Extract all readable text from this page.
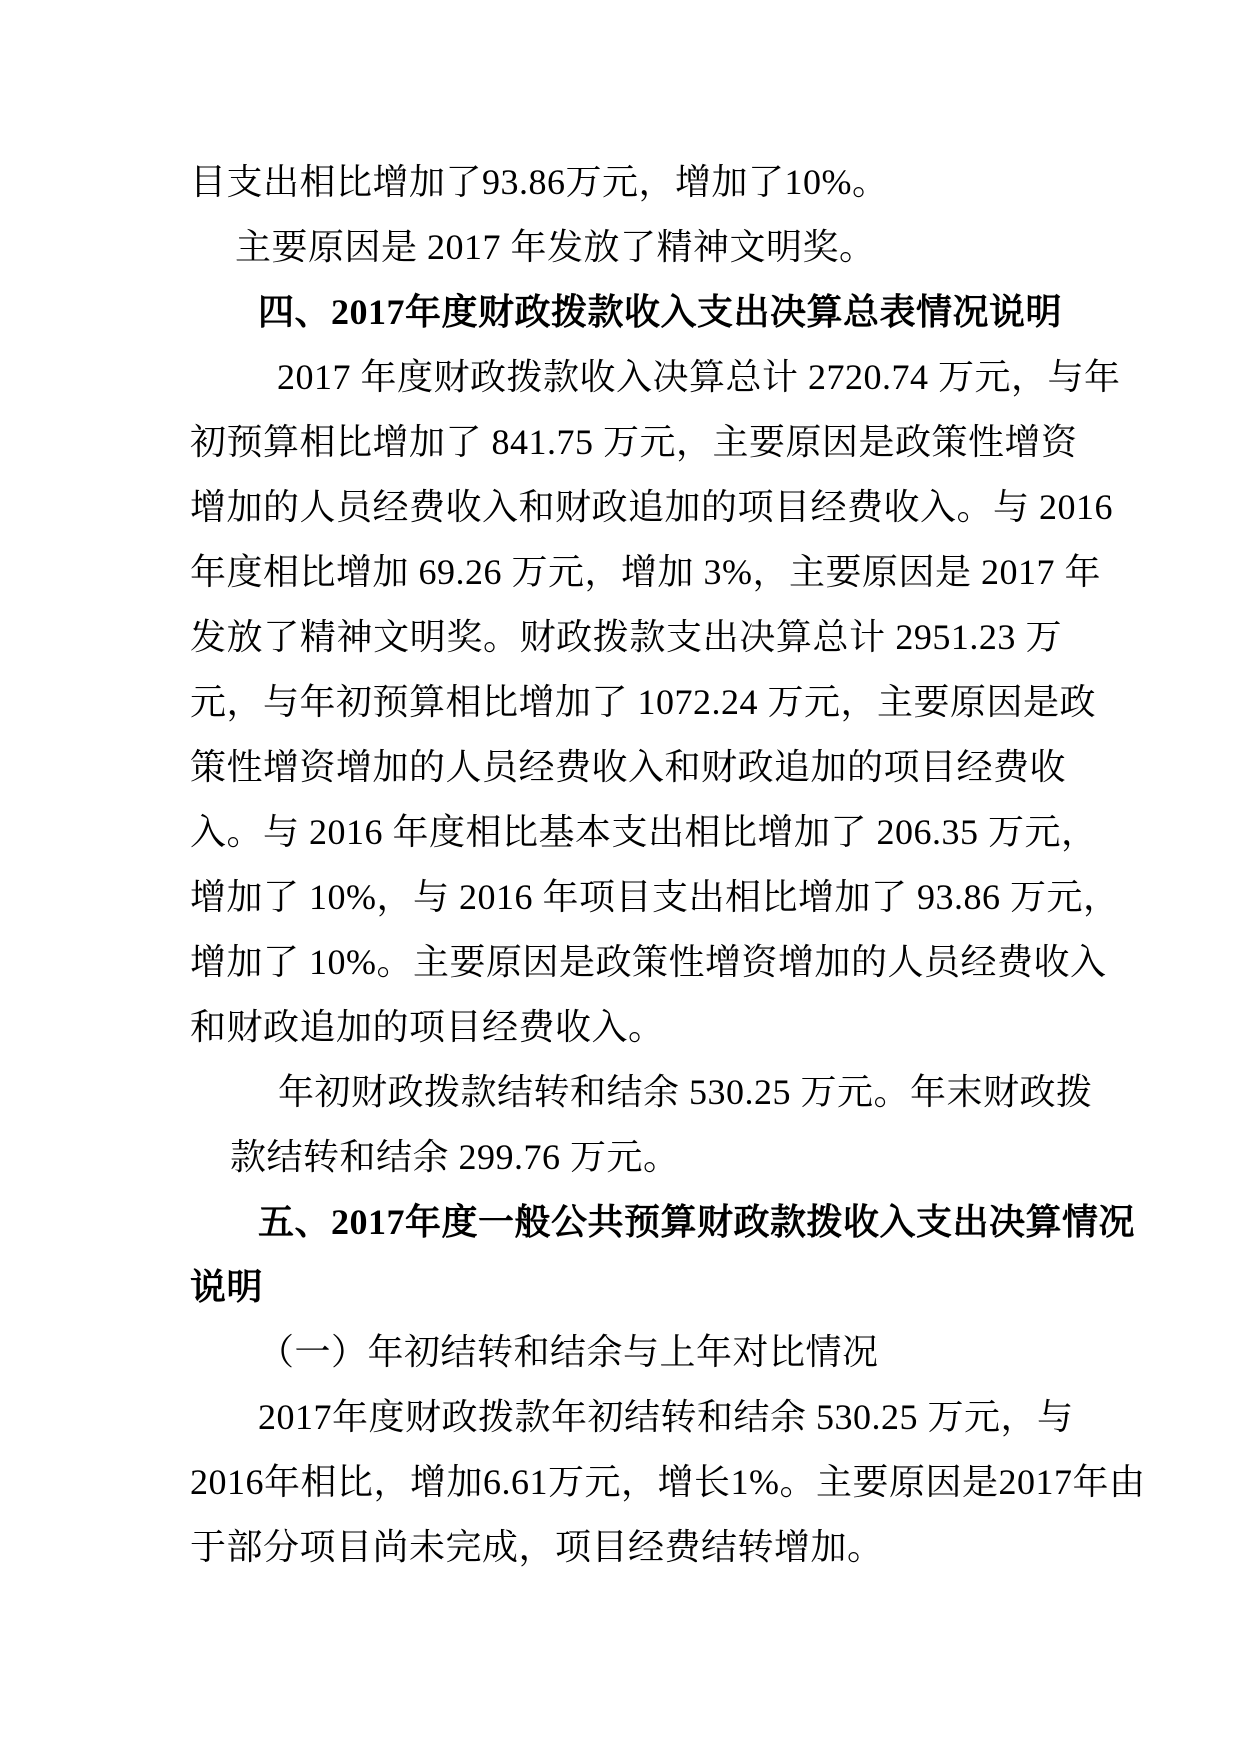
目支出相比增加了93.86万元，增加了10%。
主要原因是 2017 年发放了精神文明奖。
四、2017年度财政拨款收入支出决算总表情况说明
2017 年度财政拨款收入决算总计 2720.74 万元，与年
初预算相比增加了 841.75 万元，主要原因是政策性增资
增加的人员经费收入和财政追加的项目经费收入。与 2016
年度相比增加 69.26 万元，增加 3%，主要原因是 2017 年
发放了精神文明奖。财政拨款支出决算总计 2951.23 万
元，与年初预算相比增加了 1072.24 万元，主要原因是政
策性增资增加的人员经费收入和财政追加的项目经费收
入。与 2016 年度相比基本支出相比增加了 206.35 万元，
增加了 10%，与 2016 年项目支出相比增加了 93.86 万元，
增加了 10%。主要原因是政策性增资增加的人员经费收入
和财政追加的项目经费收入。
年初财政拨款结转和结余 530.25 万元。年末财政拨
款结转和结余 299.76 万元。
五、2017年度一般公共预算财政款拨收入支出决算情况
说明
（一）年初结转和结余与上年对比情况
2017年度财政拨款年初结转和结余 530.25 万元，与
2016年相比，增加6.61万元，增长1%。主要原因是2017年由
于部分项目尚未完成，项目经费结转增加。
